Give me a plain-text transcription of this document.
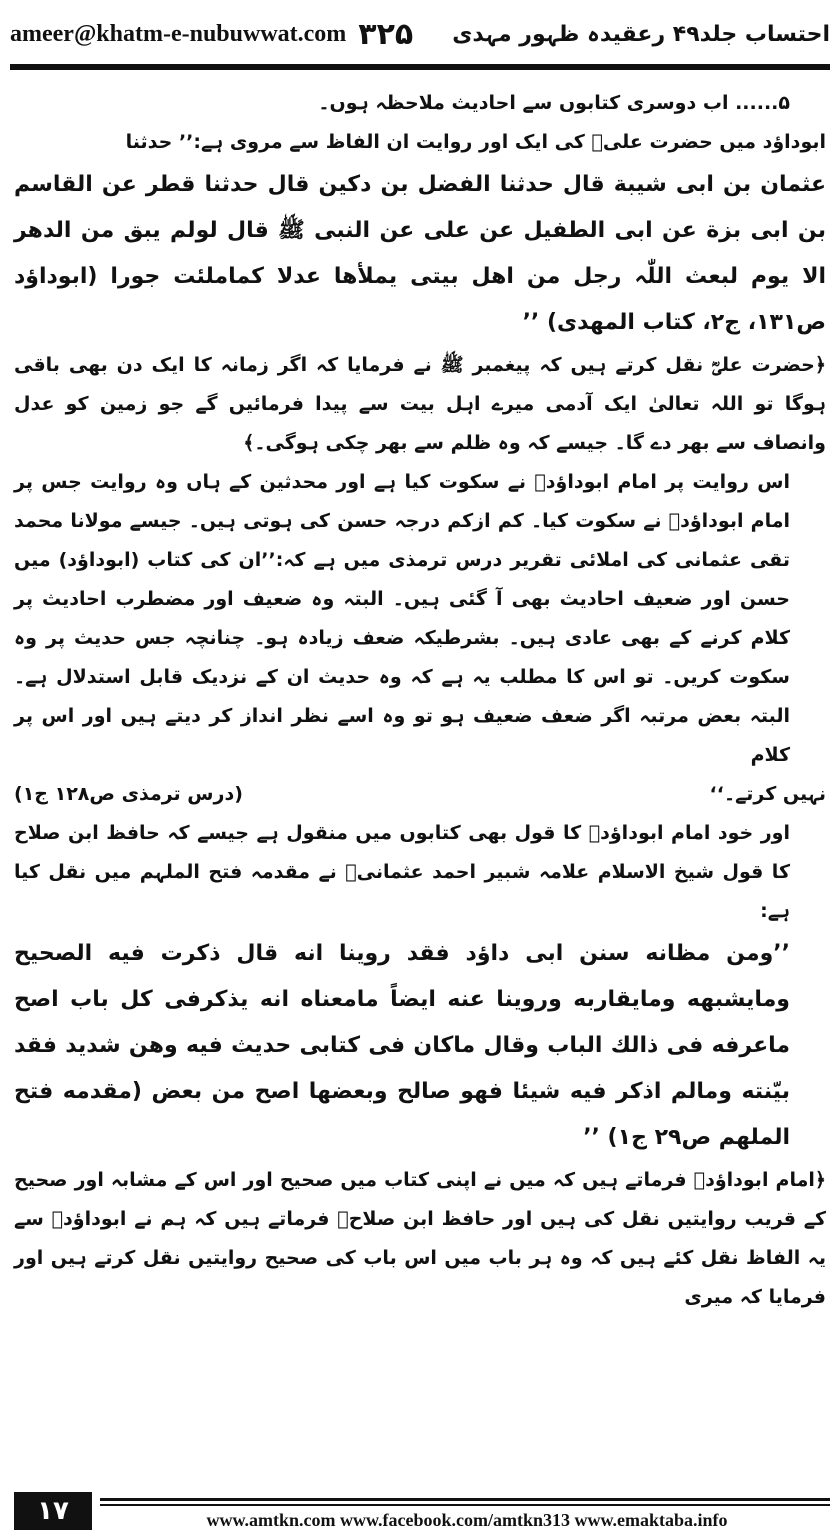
ameer@khatm-e-nubuwwat.com ۳۲۵ احتساب جلد۴۹ رعقیدہ ظہور مہدی

۵...... اب دوسری کتابوں سے احادیث ملاحظہ ہوں۔

ابوداؤد میں حضرت علیؓ کی ایک اور روایت ان الفاظ سے مروی ہے:’’ حدثنا

عثمان بن ابی شیبة قال حدثنا الفضل بن دکین قال حدثنا قطر عن القاسم بن ابی بزة عن ابی الطفیل عن علی عن النبی ﷺ قال لولم یبق من الدھر الا یوم لبعث اللّٰہ رجل من اھل بیتی یملأھا عدلا کماملئت جورا (ابوداؤد ص۱۳۱، ج۲، کتاب المھدی) ’’

﴿حضرت علیؓ نقل کرتے ہیں کہ پیغمبر ﷺ نے فرمایا کہ اگر زمانہ کا ایک دن بھی باقی ہوگا تو اللہ تعالیٰ ایک آدمی میرے اہل بیت سے پیدا فرمائیں گے جو زمین کو عدل وانصاف سے بھر دے گا۔ جیسے کہ وہ ظلم سے بھر چکی ہوگی۔﴾

اس روایت پر امام ابوداؤدؒ نے سکوت کیا ہے اور محدثین کے ہاں وہ روایت جس پر امام ابوداؤدؒ نے سکوت کیا۔ کم ازکم درجہ حسن کی ہوتی ہیں۔ جیسے مولانا محمد تقی عثمانی کی املائی تقریر درس ترمذی میں ہے کہ:’’ان کی کتاب (ابوداؤد) میں حسن اور ضعیف احادیث بھی آ گئی ہیں۔ البتہ وہ ضعیف اور مضطرب احادیث پر کلام کرنے کے بھی عادی ہیں۔ بشرطیکہ ضعف زیادہ ہو۔ چنانچہ جس حدیث پر وہ سکوت کریں۔ تو اس کا مطلب یہ ہے کہ وہ حدیث ان کے نزدیک قابل استدلال ہے۔ البتہ بعض مرتبہ اگر ضعف ضعیف ہو تو وہ اسے نظر انداز کر دیتے ہیں اور اس پر کلام

نہیں کرتے۔‘‘
(درس ترمذی ص۱۲۸ ج۱)

اور خود امام ابوداؤدؒ کا قول بھی کتابوں میں منقول ہے جیسے کہ حافظ ابن صلاح کا قول شیخ الاسلام علامہ شبیر احمد عثمانیؒ نے مقدمہ فتح الملہم میں نقل کیا ہے:

’’ومن مظانه سنن ابی داؤد فقد روینا انه قال ذکرت فیه الصحیح ومایشبھه ومایقاربه وروینا عنه ایضاً مامعناه انه یذکرفی کل باب اصح ماعرفه فی ذالك الباب وقال ماکان فی کتابی حدیث فیه وھن شدید فقد بیّنته ومالم اذکر فیه شیئا فھو صالح وبعضھا اصح من بعض (مقدمه فتح الملھم ص۲۹ ج۱) ’’

﴿امام ابوداؤدؒ فرماتے ہیں کہ میں نے اپنی کتاب میں صحیح اور اس کے مشابہ اور صحیح کے قریب روایتیں نقل کی ہیں اور حافظ ابن صلاحؒ فرماتے ہیں کہ ہم نے ابوداؤدؒ سے یہ الفاظ نقل کئے ہیں کہ وہ ہر باب میں اس باب کی صحیح روایتیں نقل کرتے ہیں اور فرمایا کہ میری

۱۷	www.amtkn.com www.facebook.com/amtkn313 www.emaktaba.info
